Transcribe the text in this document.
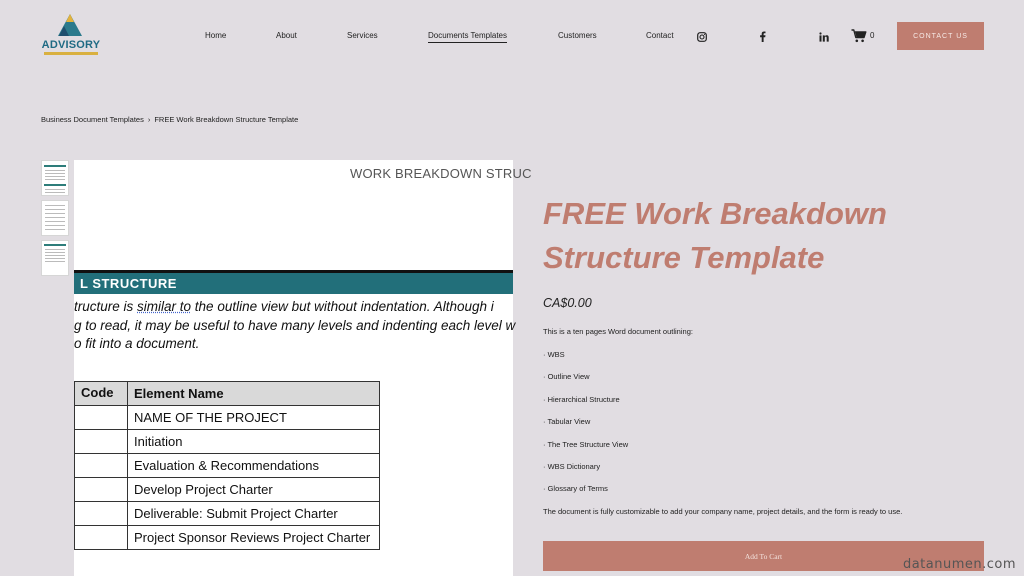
ADVISORY
Home	About	Services	Documents Templates	Customers	Contact	0	CONTACT US
Business Document Templates › FREE Work Breakdown Structure Template
WORK BREAKDOWN STRUC
L STRUCTURE
tructure is similar to the outline view but without indentation. Although i
g to read, it may be useful to have many levels and indenting each level w
o fit into a document.
Code	Element Name
	NAME OF THE PROJECT
	Initiation
	Evaluation & Recommendations
	Develop Project Charter
	Deliverable: Submit Project Charter
	Project Sponsor Reviews Project Charter
FREE Work Breakdown Structure Template
CA$0.00

This is a ten pages Word document outlining:

· WBS
· Outline View
· Hierarchical Structure
· Tabular View
· The Tree Structure View
· WBS Dictionary
· Glossary of Terms

The document is fully customizable to add your company name, project details, and the form is ready to use.

Add To Cart
datanumen.com
